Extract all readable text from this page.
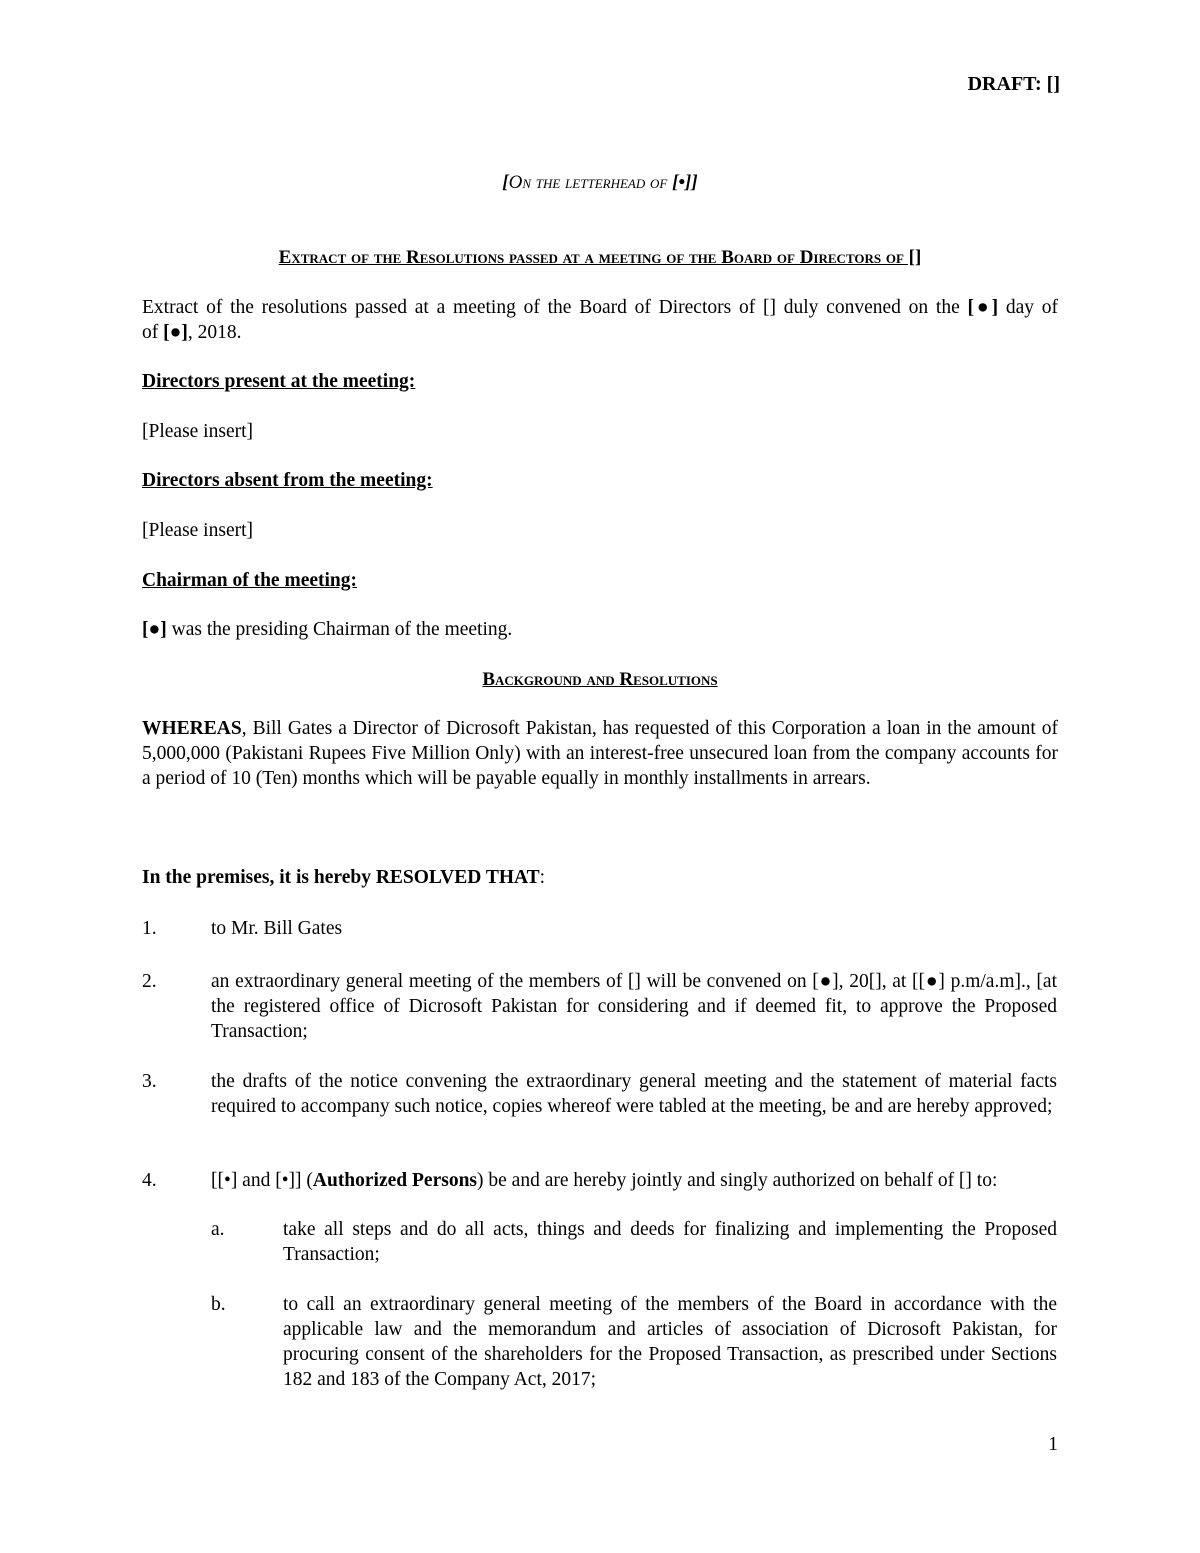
DRAFT: []
[On the letterhead of [•]]
Extract of the Resolutions passed at a meeting of the Board of Directors of []
Extract of the resolutions passed at a meeting of the Board of Directors of [] duly convened on the [●] day of
of [●], 2018.
Directors present at the meeting:
[Please insert]
Directors absent from the meeting:
[Please insert]
Chairman of the meeting:
[●] was the presiding Chairman of the meeting.
Background and Resolutions
WHEREAS, Bill Gates a Director of Dicrosoft Pakistan, has requested of this Corporation a loan in the amount of 5,000,000 (Pakistani Rupees Five Million Only) with an interest-free unsecured loan from the company accounts for a period of 10 (Ten) months which will be payable equally in monthly installments in arrears.
In the premises, it is hereby RESOLVED THAT:
1.	to Mr. Bill Gates
2.	an extraordinary general meeting of the members of [] will be convened on [●], 20[], at [[●] p.m/a.m]., [at the registered office of Dicrosoft Pakistan for considering and if deemed fit, to approve the Proposed Transaction;
3.	the drafts of the notice convening the extraordinary general meeting and the statement of material facts required to accompany such notice, copies whereof were tabled at the meeting, be and are hereby approved;
4.	[[•] and [•]] (Authorized Persons) be and are hereby jointly and singly authorized on behalf of [] to:
a.	take all steps and do all acts, things and deeds for finalizing and implementing the Proposed Transaction;
b.	to call an extraordinary general meeting of the members of the Board in accordance with the applicable law and the memorandum and articles of association of Dicrosoft Pakistan, for procuring consent of the shareholders for the Proposed Transaction, as prescribed under Sections 182 and 183 of the Company Act, 2017;
1
